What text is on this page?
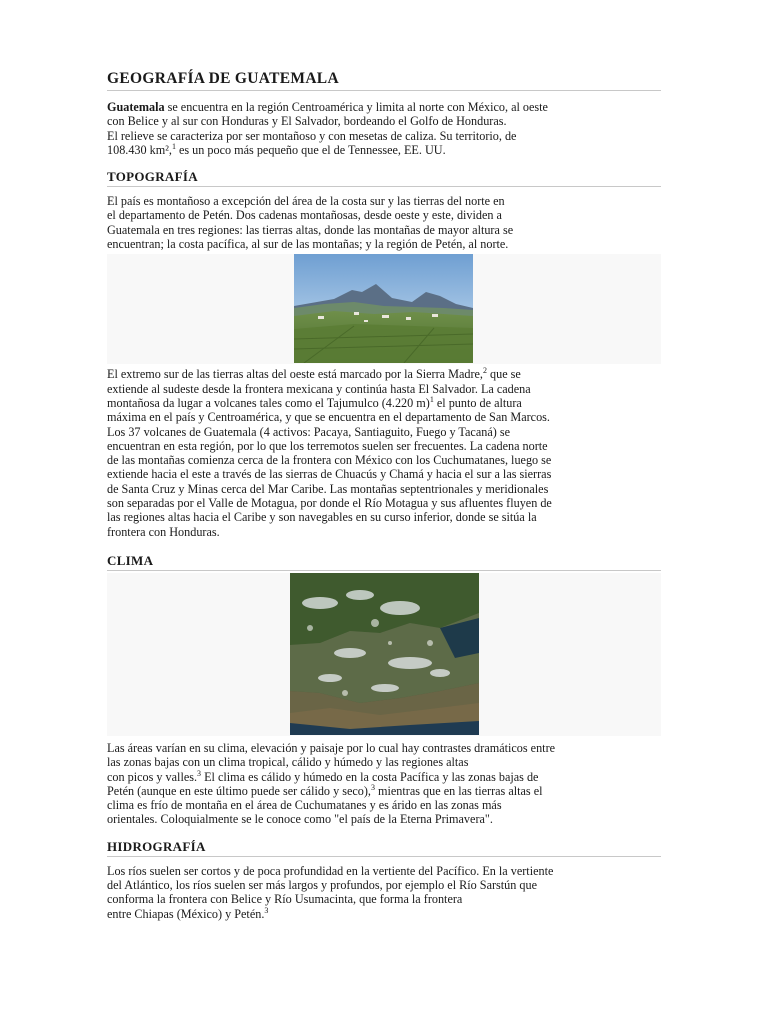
GEOGRAFÍA DE GUATEMALA

Guatemala se encuentra en la región Centroamérica y limita al norte con México, al oeste
con Belice y al sur con Honduras y El Salvador, bordeando el Golfo de Honduras.
El relieve se caracteriza por ser montañoso y con mesetas de caliza. Su territorio, de
108.430 km²,$^1$ es un poco más pequeño que el de Tennessee, EE. UU.

TOPOGRAFÍA

El país es montañoso a excepción del área de la costa sur y las tierras del norte en
el departamento de Petén. Dos cadenas montañosas, desde oeste y este, dividen a
Guatemala en tres regiones: las tierras altas, donde las montañas de mayor altura se
encuentran; la costa pacífica, al sur de las montañas; y la región de Petén, al norte.

El extremo sur de las tierras altas del oeste está marcado por la Sierra Madre,$^2$ que se
extiende al sudeste desde la frontera mexicana y continúa hasta El Salvador. La cadena
montañosa da lugar a volcanes tales como el Tajumulco (4.220 m)$^1$ el punto de altura
máxima en el país y Centroamérica, y que se encuentra en el departamento de San Marcos.
Los 37 volcanes de Guatemala (4 activos: Pacaya, Santiaguito, Fuego y Tacaná) se
encuentran en esta región, por lo que los terremotos suelen ser frecuentes. La cadena norte
de las montañas comienza cerca de la frontera con México con los Cuchumatanes, luego se
extiende hacia el este a través de las sierras de Chuacús y Chamá y hacia el sur a las sierras
de Santa Cruz y Minas cerca del Mar Caribe. Las montañas septentrionales y meridionales
son separadas por el Valle de Motagua, por donde el Río Motagua y sus afluentes fluyen de
las regiones altas hacia el Caribe y son navegables en su curso inferior, donde se sitúa la
frontera con Honduras.

CLIMA

Las áreas varían en su clima, elevación y paisaje por lo cual hay contrastes dramáticos entre
las zonas bajas con un clima tropical, cálido y húmedo y las regiones altas
con picos y valles.$^3$ El clima es cálido y húmedo en la costa Pacífica y las zonas bajas de
Petén (aunque en este último puede ser cálido y seco),$^3$ mientras que en las tierras altas el
clima es frío de montaña en el área de Cuchumatanes y es árido en las zonas más
orientales. Coloquialmente se le conoce como "el país de la Eterna Primavera".

HIDROGRAFÍA

Los ríos suelen ser cortos y de poca profundidad en la vertiente del Pacífico. En la vertiente
del Atlántico, los ríos suelen ser más largos y profundos, por ejemplo el Río Sarstún que
conforma la frontera con Belice y Río Usumacinta, que forma la frontera
entre Chiapas (México) y Petén.$^3$
